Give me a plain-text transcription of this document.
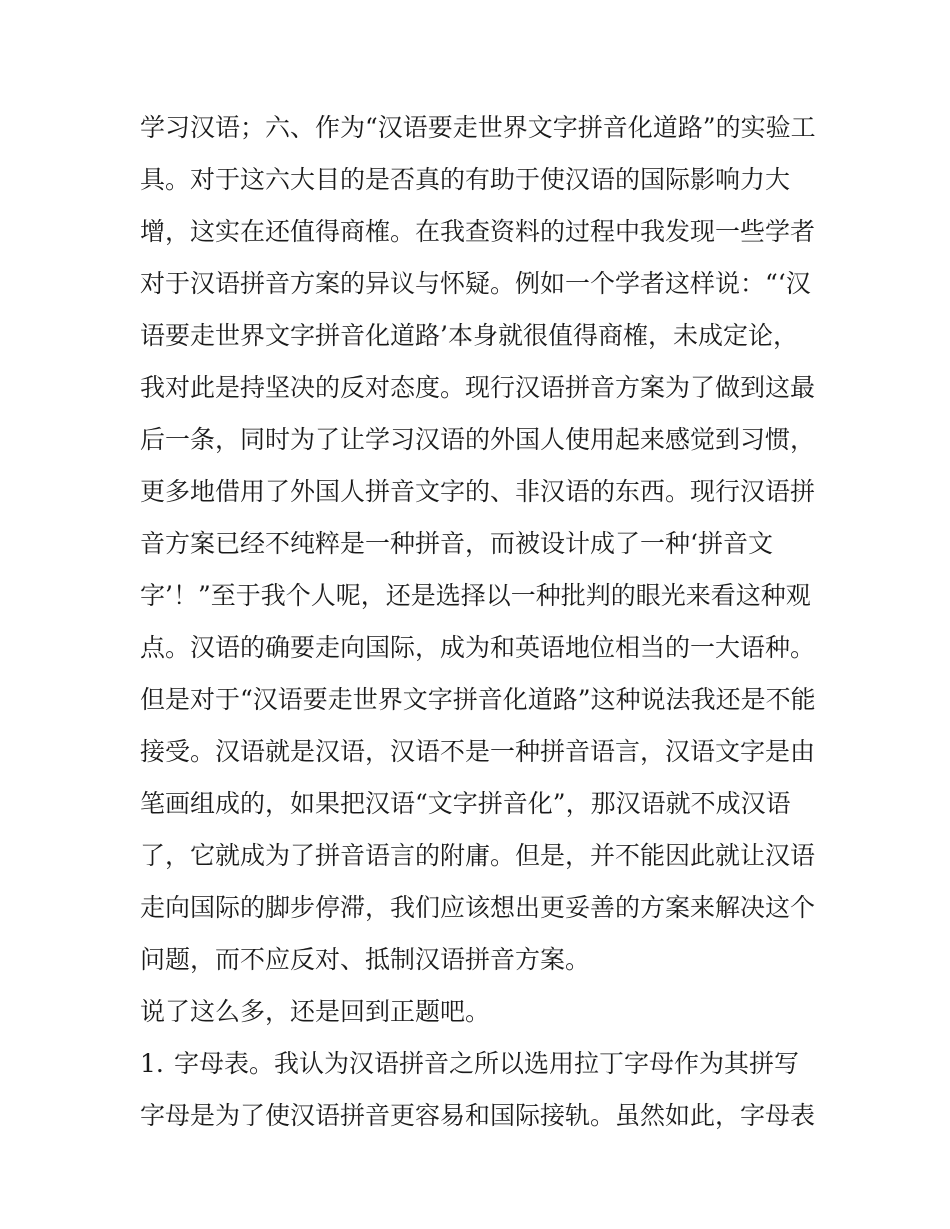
学习汉语；六、作为“汉语要走世界文字拼音化道路”的实验工
具。对于这六大目的是否真的有助于使汉语的国际影响力大
增，这实在还值得商榷。在我查资料的过程中我发现一些学者
对于汉语拼音方案的异议与怀疑。例如一个学者这样说：“‘汉
语要走世界文字拼音化道路’本身就很值得商榷，未成定论，
我对此是持坚决的反对态度。现行汉语拼音方案为了做到这最
后一条，同时为了让学习汉语的外国人使用起来感觉到习惯，
更多地借用了外国人拼音文字的、非汉语的东西。现行汉语拼
音方案已经不纯粹是一种拼音，而被设计成了一种‘拼音文
字’！”至于我个人呢，还是选择以一种批判的眼光来看这种观
点。汉语的确要走向国际，成为和英语地位相当的一大语种。
但是对于“汉语要走世界文字拼音化道路”这种说法我还是不能
接受。汉语就是汉语，汉语不是一种拼音语言，汉语文字是由
笔画组成的，如果把汉语“文字拼音化”，那汉语就不成汉语
了，它就成为了拼音语言的附庸。但是，并不能因此就让汉语
走向国际的脚步停滞，我们应该想出更妥善的方案来解决这个
问题，而不应反对、抵制汉语拼音方案。
说了这么多，还是回到正题吧。
1. 字母表。我认为汉语拼音之所以选用拉丁字母作为其拼写
字母是为了使汉语拼音更容易和国际接轨。虽然如此，字母表
